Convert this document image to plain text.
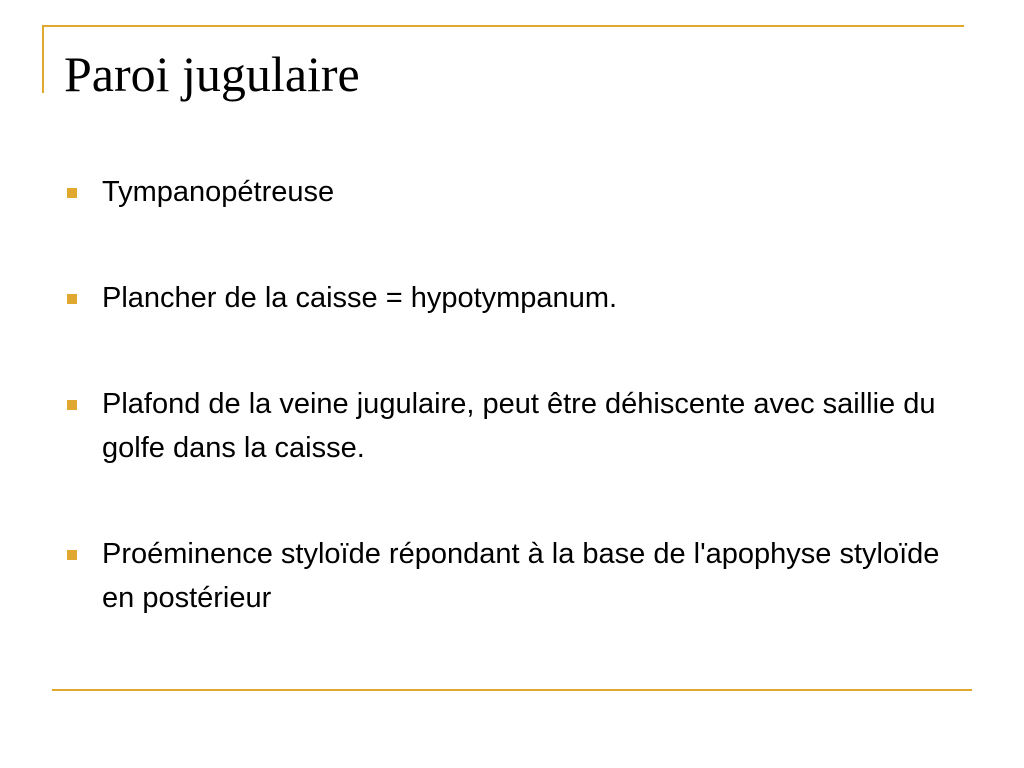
Paroi jugulaire
Tympanopétreuse
Plancher de la caisse = hypotympanum.
Plafond de la veine jugulaire, peut être déhiscente avec saillie du golfe dans la caisse.
Proéminence styloïde répondant à la base de l'apophyse styloïde en postérieur
